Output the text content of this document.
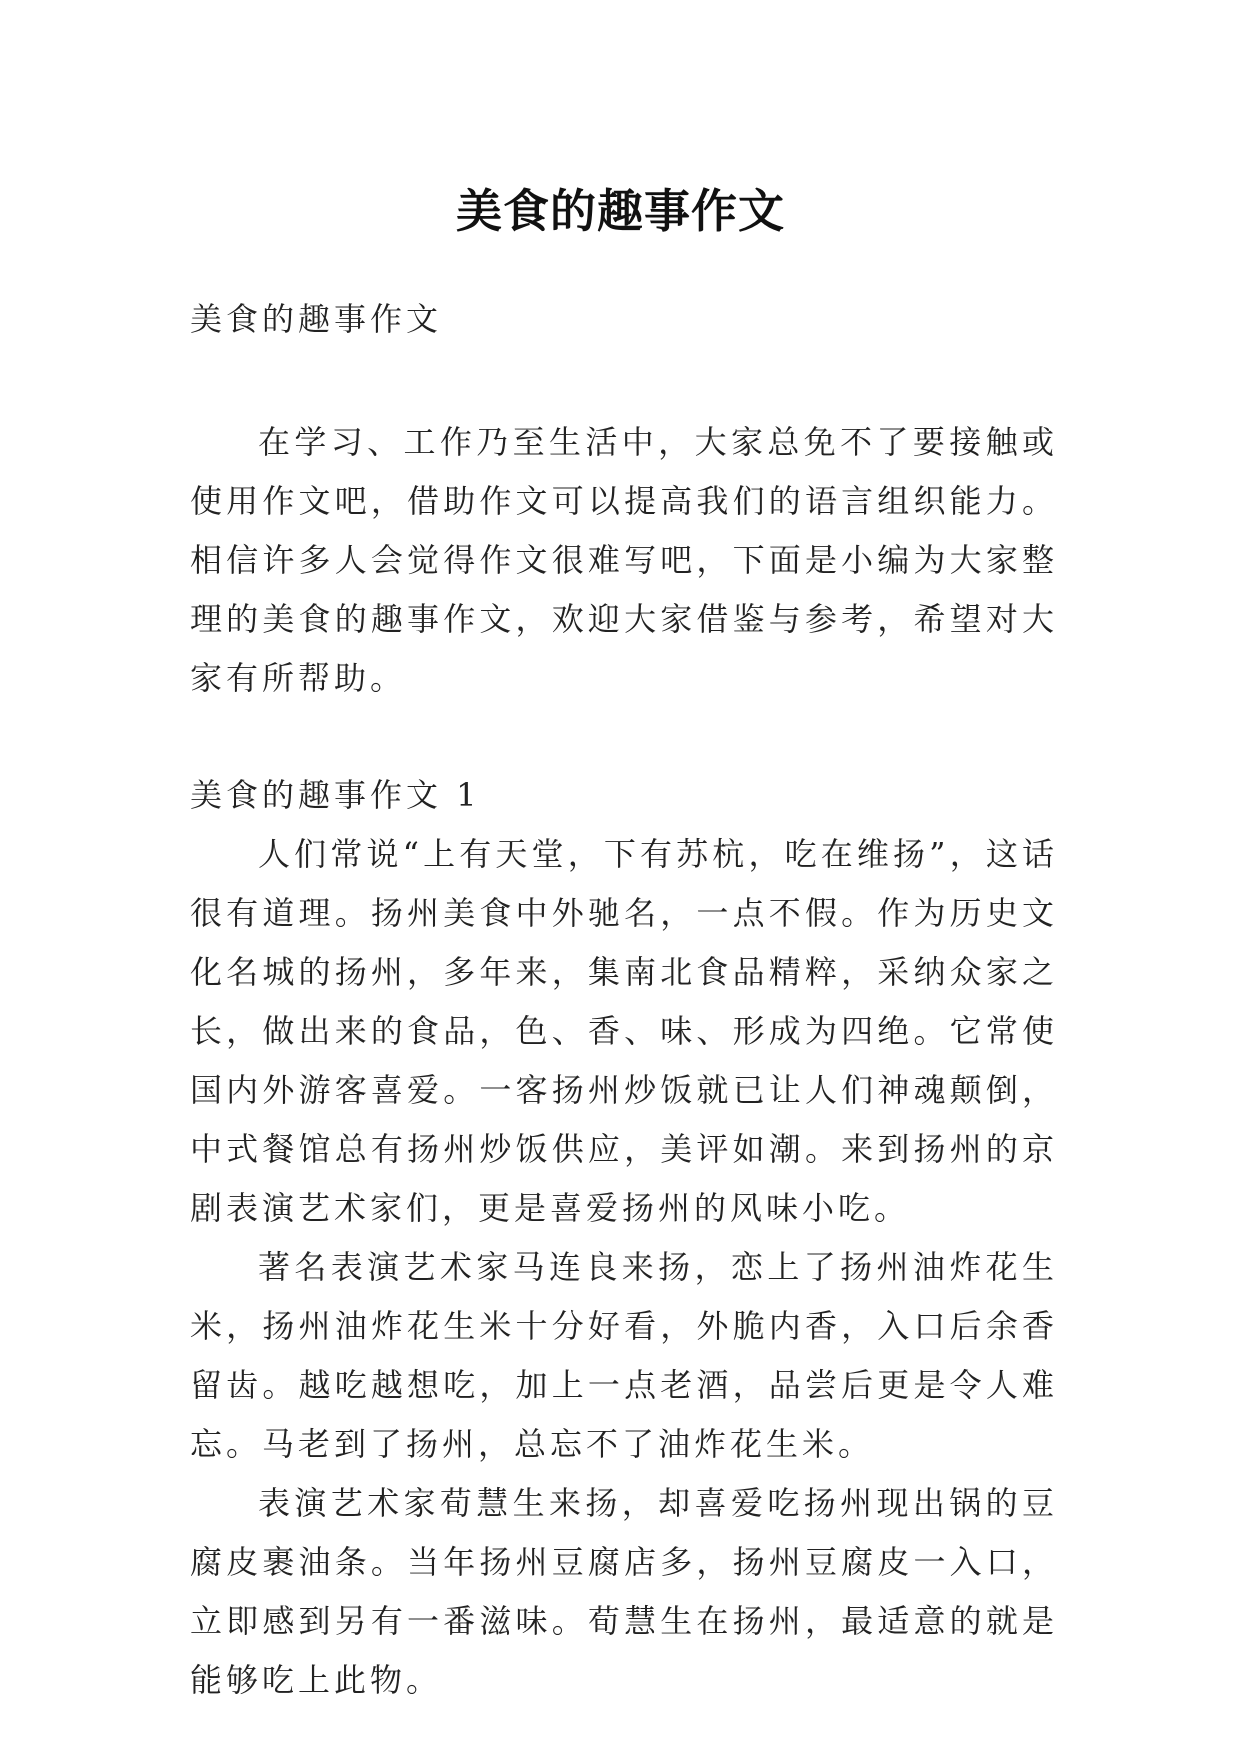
美食的趣事作文

美食的趣事作文

在学习、工作乃至生活中，大家总免不了要接触或使用作文吧，借助作文可以提高我们的语言组织能力。相信许多人会觉得作文很难写吧，下面是小编为大家整理的美食的趣事作文，欢迎大家借鉴与参考，希望对大家有所帮助。

美食的趣事作文 1

人们常说“上有天堂，下有苏杭，吃在维扬”，这话很有道理。扬州美食中外驰名，一点不假。作为历史文化名城的扬州，多年来，集南北食品精粹，采纳众家之长，做出来的食品，色、香、味、形成为四绝。它常使国内外游客喜爱。一客扬州炒饭就已让人们神魂颠倒，中式餐馆总有扬州炒饭供应，美评如潮。来到扬州的京剧表演艺术家们，更是喜爱扬州的风味小吃。

著名表演艺术家马连良来扬，恋上了扬州油炸花生米，扬州油炸花生米十分好看，外脆内香，入口后余香留齿。越吃越想吃，加上一点老酒，品尝后更是令人难忘。马老到了扬州，总忘不了油炸花生米。

表演艺术家荀慧生来扬，却喜爱吃扬州现出锅的豆腐皮裹油条。当年扬州豆腐店多，扬州豆腐皮一入口，立即感到另有一番滋味。荀慧生在扬州，最适意的就是能够吃上此物。
